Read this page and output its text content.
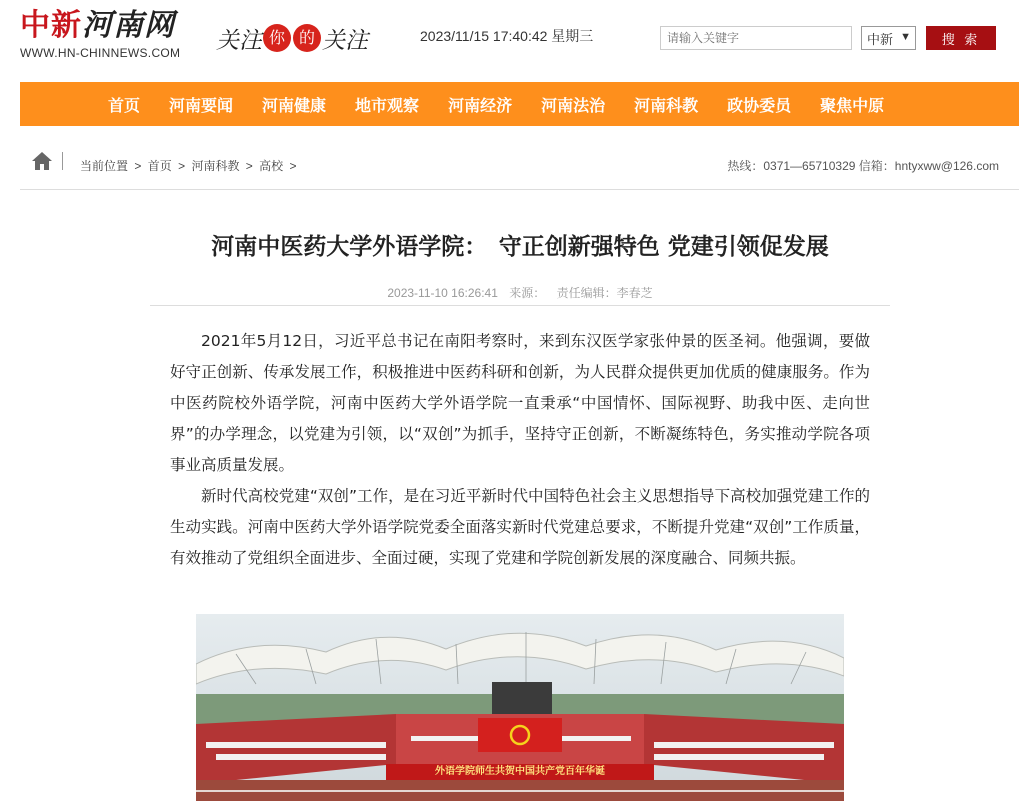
中新河南网
WWW.HN-CHINNEWS.COM	关注 你 的 关注	2023/11/15 17:40:42 星期三
请输入关键字	中新 ▼	搜 索
首页 河南要闻 河南健康 地市观察 河南经济 河南法治 河南科教 政协委员 聚焦中原
当前位置 > 首页 > 河南科教 > 高校 >	热线：0371—65710329 信箱：hntyxww@126.com
河南中医药大学外语学院：　守正创新强特色 党建引领促发展
2023-11-10 16:26:41 来源： 责任编辑：李春芝

2021年5月12日，习近平总书记在南阳考察时，来到东汉医学家张仲景的医圣祠。他强调，要做好守正创新、传承发展工作，积极推进中医药科研和创新，为人民群众提供更加优质的健康服务。作为中医药院校外语学院，河南中医药大学外语学院一直秉承“中国情怀、国际视野、助我中医、走向世界”的办学理念，以党建为引领，以“双创”为抓手，坚持守正创新，不断凝练特色，务实推动学院各项事业高质量发展。

新时代高校党建“双创”工作，是在习近平新时代中国特色社会主义思想指导下高校加强党建工作的生动实践。河南中医药大学外语学院党委全面落实新时代党建总要求，不断提升党建“双创”工作质量，有效推动了党组织全面进步、全面过硬，实现了党建和学院创新发展的深度融合、同频共振。

外语学院师生共贺中国共产党百年华诞
